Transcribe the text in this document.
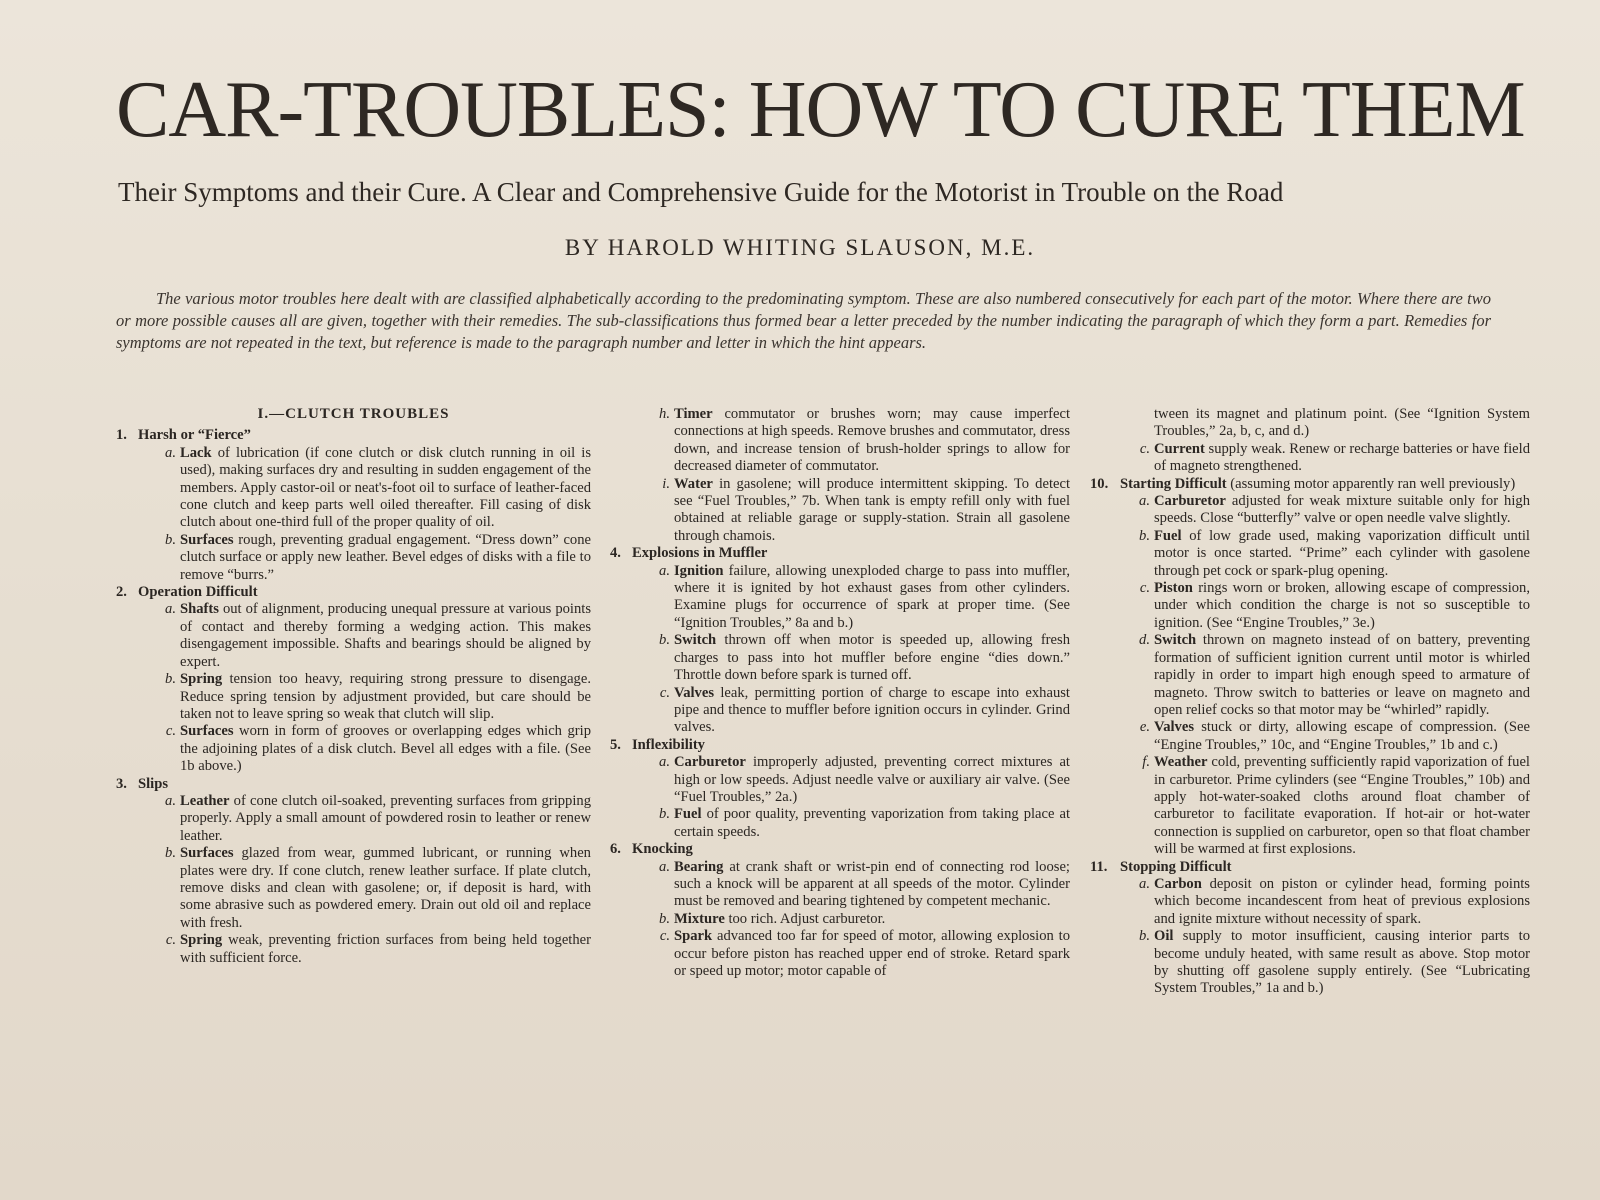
CAR-TROUBLES: HOW TO CURE THEM
Their Symptoms and their Cure. A Clear and Comprehensive Guide for the Motorist in Trouble on the Road
BY HAROLD WHITING SLAUSON, M.E.
The various motor troubles here dealt with are classified alphabetically according to the predominating symptom. These are also numbered consecutively for each part of the motor. Where there are two or more possible causes all are given, together with their remedies. The sub-classifications thus formed bear a letter preceded by the number indicating the paragraph of which they form a part. Remedies for symptoms are not repeated in the text, but reference is made to the paragraph number and letter in which the hint appears.
I.—CLUTCH TROUBLES

1. Harsh or “Fierce”

a. Lack of lubrication (if cone clutch or disk clutch running in oil is used), making surfaces dry and resulting in sudden engagement of the members. Apply castor-oil or neat's-foot oil to surface of leather-faced cone clutch and keep parts well oiled thereafter. Fill casing of disk clutch about one-third full of the proper quality of oil.

b. Surfaces rough, preventing gradual engagement. “Dress down” cone clutch surface or apply new leather. Bevel edges of disks with a file to remove “burrs.”

2. Operation Difficult

a. Shafts out of alignment, producing unequal pressure at various points of contact and thereby forming a wedging action. This makes disengagement impossible. Shafts and bearings should be aligned by expert.

b. Spring tension too heavy, requiring strong pressure to disengage. Reduce spring tension by adjustment provided, but care should be taken not to leave spring so weak that clutch will slip.

c. Surfaces worn in form of grooves or overlapping edges which grip the adjoining plates of a disk clutch. Bevel all edges with a file. (See 1b above.)

3. Slips

a. Leather of cone clutch oil-soaked, preventing surfaces from gripping properly. Apply a small amount of powdered rosin to leather or renew leather.

b. Surfaces glazed from wear, gummed lubricant, or running when plates were dry. If cone clutch, renew leather surface. If plate clutch, remove disks and clean with gasolene; or, if deposit is hard, with some abrasive such as powdered emery. Drain out old oil and replace with fresh.

c. Spring weak, preventing friction surfaces from being held together with sufficient force.

h. Timer commutator or brushes worn; may cause imperfect connections at high speeds. Remove brushes and commutator, dress down, and increase tension of brush-holder springs to allow for decreased diameter of commutator.

i. Water in gasolene; will produce intermittent skipping. To detect see “Fuel Troubles,” 7b. When tank is empty refill only with fuel obtained at reliable garage or supply-station. Strain all gasolene through chamois.

4. Explosions in Muffler

a. Ignition failure, allowing unexploded charge to pass into muffler, where it is ignited by hot exhaust gases from other cylinders. Examine plugs for occurrence of spark at proper time. (See “Ignition Troubles,” 8a and b.)

b. Switch thrown off when motor is speeded up, allowing fresh charges to pass into hot muffler before engine “dies down.” Throttle down before spark is turned off.

c. Valves leak, permitting portion of charge to escape into exhaust pipe and thence to muffler before ignition occurs in cylinder. Grind valves.

5. Inflexibility

a. Carburetor improperly adjusted, preventing correct mixtures at high or low speeds. Adjust needle valve or auxiliary air valve. (See “Fuel Troubles,” 2a.)

b. Fuel of poor quality, preventing vaporization from taking place at certain speeds.

6. Knocking

a. Bearing at crank shaft or wrist-pin end of connecting rod loose; such a knock will be apparent at all speeds of the motor. Cylinder must be removed and bearing tightened by competent mechanic.

b. Mixture too rich. Adjust carburetor.

c. Spark advanced too far for speed of motor, allowing explosion to occur before piston has reached upper end of stroke. Retard spark or speed up motor; motor capable of

tween its magnet and platinum point. (See “Ignition System Troubles,” 2a, b, c, and d.)

c. Current supply weak. Renew or recharge batteries or have field of magneto strengthened.

10. Starting Difficult (assuming motor apparently ran well previously)

a. Carburetor adjusted for weak mixture suitable only for high speeds. Close “butterfly” valve or open needle valve slightly.

b. Fuel of low grade used, making vaporization difficult until motor is once started. “Prime” each cylinder with gasolene through pet cock or spark-plug opening.

c. Piston rings worn or broken, allowing escape of compression, under which condition the charge is not so susceptible to ignition. (See “Engine Troubles,” 3e.)

d. Switch thrown on magneto instead of on battery, preventing formation of sufficient ignition current until motor is whirled rapidly in order to impart high enough speed to armature of magneto. Throw switch to batteries or leave on magneto and open relief cocks so that motor may be “whirled” rapidly.

e. Valves stuck or dirty, allowing escape of compression. (See “Engine Troubles,” 10c, and “Engine Troubles,” 1b and c.)

f. Weather cold, preventing sufficiently rapid vaporization of fuel in carburetor. Prime cylinders (see “Engine Troubles,” 10b) and apply hot-water-soaked cloths around float chamber of carburetor to facilitate evaporation. If hot-air or hot-water connection is supplied on carburetor, open so that float chamber will be warmed at first explosions.

11. Stopping Difficult

a. Carbon deposit on piston or cylinder head, forming points which become incandescent from heat of previous explosions and ignite mixture without necessity of spark.

b. Oil supply to motor insufficient, causing interior parts to become unduly heated, with same result as above. Stop motor by shutting off gasolene supply entirely. (See “Lubricating System Troubles,” 1a and b.)
